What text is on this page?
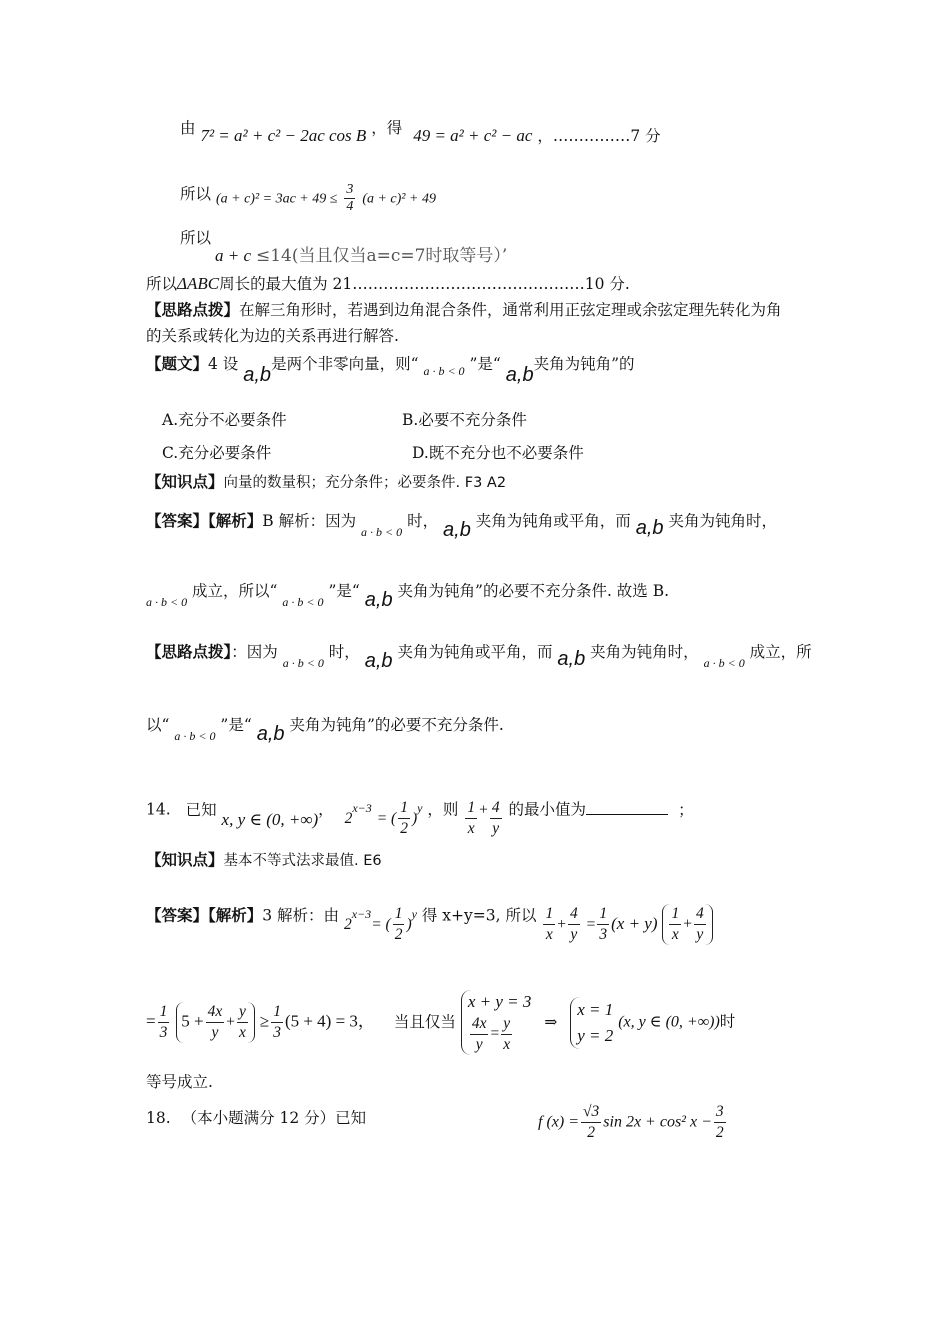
由 7² = a² + c² − 2ac cos B ，得 49 = a² + c² − ac ，……………7 分
所以 $(a + c)^2 = 3ac + 49 \le \frac{3}{4} (a + c)^2 + 49$
所以
a + c ≤14(当且仅当a=c=7时取等号）’
所以ΔABC周长的最大值为 21………………………………………10 分.
【思路点拨】在解三角形时，若遇到边角混合条件，通常利用正弦定理或余弦定理先转化为角
的关系或转化为边的关系再进行解答.
【题文】4 设 a,b是两个非零向量，则“ a · b < 0 ”是“ a,b夹角为钝角”的
A.充分不必要条件	B.必要不充分条件
C.充分必要条件	D.既不充分也不必要条件
【知识点】向量的数量积；充分条件；必要条件. F3 A2
【答案】【解析】B 解析：因为 a · b < 0 时， a,b 夹角为钝角或平角，而 a,b 夹角为钝角时，
a · b < 0 成立，所以“ a · b < 0 ”是“ a,b 夹角为钝角”的必要不充分条件. 故选 B.
【思路点拨】：因为 a · b < 0 时， a,b 夹角为钝角或平角，而 a,b 夹角为钝角时， a · b < 0 成立，所
以“ a · b < 0 ”是“ a,b 夹角为钝角”的必要不充分条件.
14. 已知 x, y ∈ (0, +∞)， $2^{x-3}$ = ( $\frac{1}{2} )^y$ ，则 $\frac{1}{x} + \frac{4}{y}$ 的最小值为	；
【知识点】基本不等式法求最值. E6
【答案】【解析】3 解析：由 $2^{x-3}=$ ( $\frac{1}{2} )^y$ 得 x+y=3, 所以 $\frac{1}{x} + \frac{4}{y} = \frac{1}{3} (x + y) \frac{1}{x} + \frac{4}{y}$
= $\frac{1}{3} 5 + \frac{4x}{y} + \frac{y}{x} \ge \frac{1}{3} (5 + 4) = 3$， 当且仅当
x + y = 3
$\frac{4x}{y} = \frac{y}{x}$ ⇒
x = 1
y = 2
(x, y ∈ (0, +∞))时
等号成立.
18. （本小题满分 12 分）已知	f $(x) = \frac{√3}{2}$ sin 2x + cos² $x - \frac{3}{2}$
